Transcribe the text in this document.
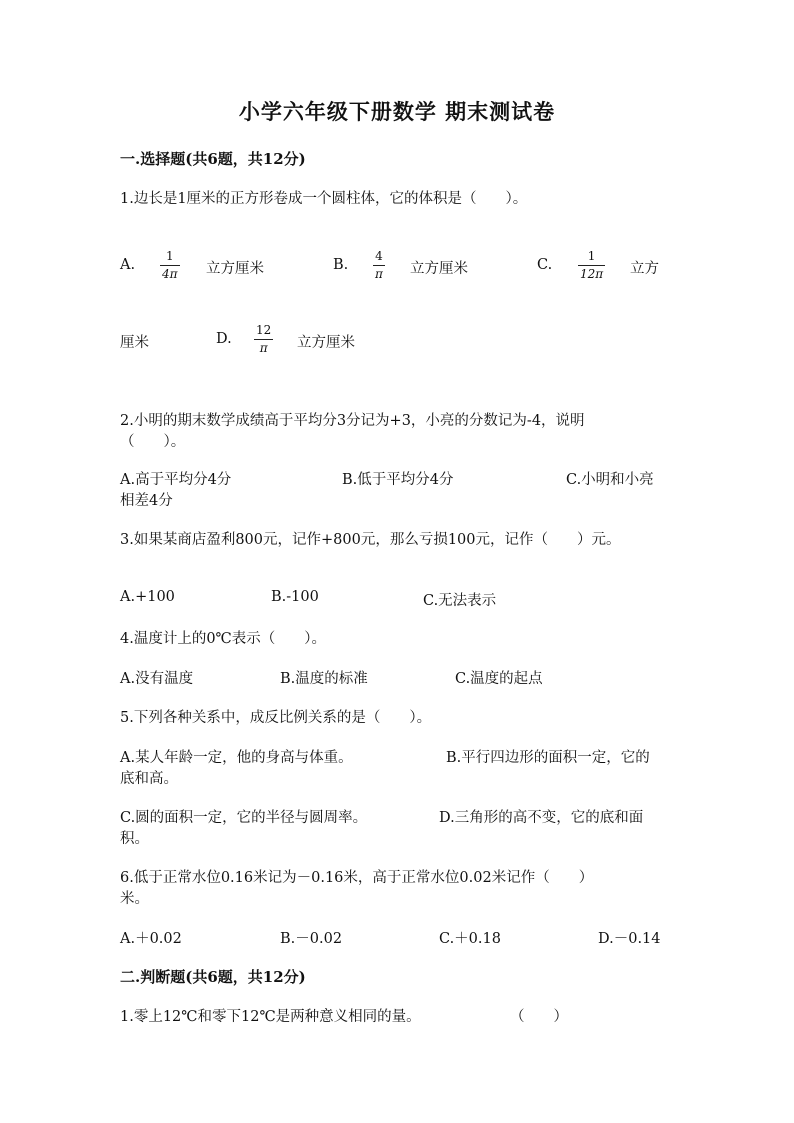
小学六年级下册数学 期末测试卷
一.选择题(共6题，共12分)
1.边长是1厘米的正方形卷成一个圆柱体，它的体积是（　　）。
A.
1
4π 立方厘米	B.
4
π 立方厘米	C.
1
12π 立方
厘米	D.
12
π 立方厘米
2.小明的期末数学成绩高于平均分3分记为+3，小亮的分数记为-4，说明
（　　）。
A.高于平均分4分	B.低于平均分4分	C.小明和小亮
相差4分
3.如果某商店盈利800元，记作+800元，那么亏损100元，记作（　　）元。
A.+100	B.-100	C.无法表示
4.温度计上的0℃表示（　　）。
A.没有温度	B.温度的标准	C.温度的起点
5.下列各种关系中，成反比例关系的是（　　）。
A.某人年龄一定，他的身高与体重。	B.平行四边形的面积一定，它的
底和高。
C.圆的面积一定，它的半径与圆周率。	D.三角形的高不变，它的底和面
积。
6.低于正常水位0.16米记为－0.16米，高于正常水位0.02米记作（　　）
米。
A.＋0.02	B.－0.02	C.＋0.18	D.－0.14
二.判断题(共6题，共12分)
1.零上12℃和零下12℃是两种意义相同的量。	（　　）
